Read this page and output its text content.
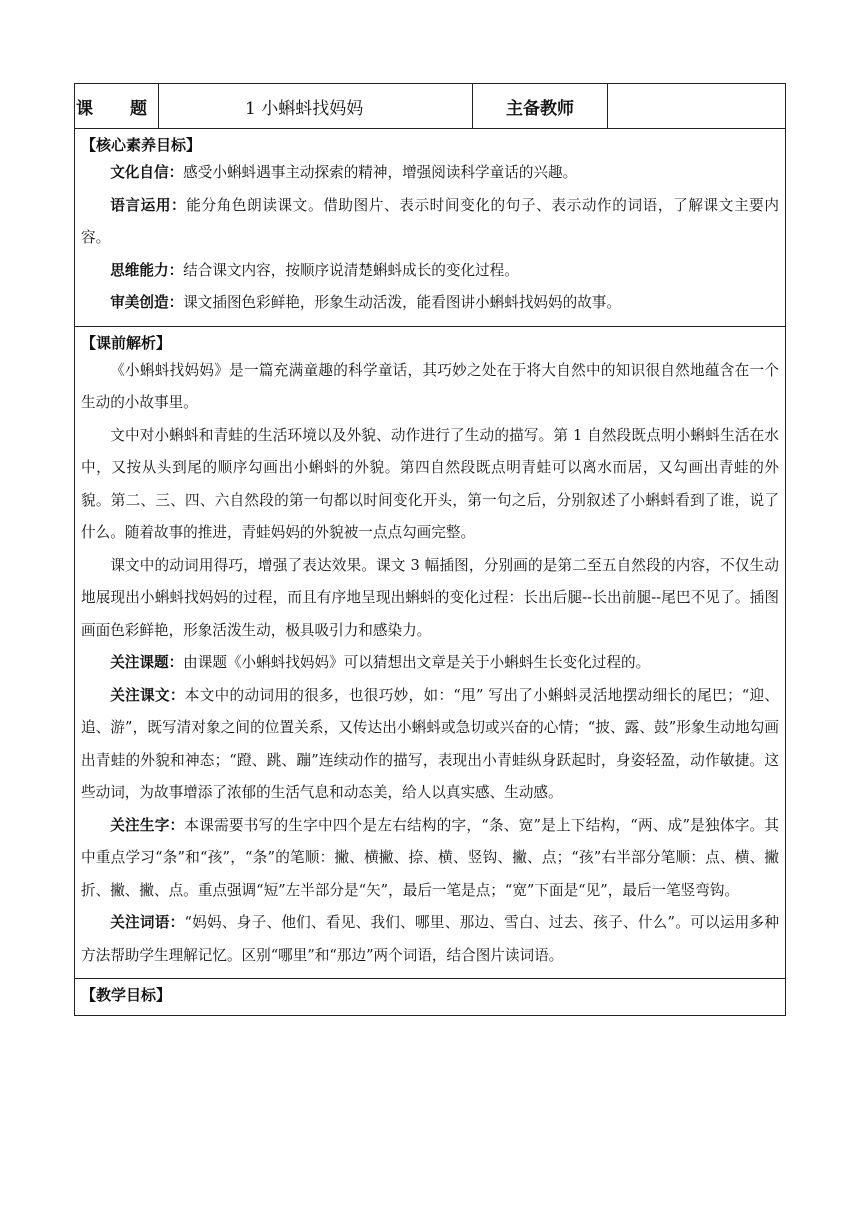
课　题	1 小蝌蚪找妈妈	主备教师
【核心素养目标】

文化自信：感受小蝌蚪遇事主动探索的精神，增强阅读科学童话的兴趣。

语言运用：能分角色朗读课文。借助图片、表示时间变化的句子、表示动作的词语，了解课文主要内容。

思维能力：结合课文内容，按顺序说清楚蝌蚪成长的变化过程。

审美创造：课文插图色彩鲜艳，形象生动活泼，能看图讲小蝌蚪找妈妈的故事。

【课前解析】

《小蝌蚪找妈妈》是一篇充满童趣的科学童话，其巧妙之处在于将大自然中的知识很自然地蕴含在一个生动的小故事里。

文中对小蝌蚪和青蛙的生活环境以及外貌、动作进行了生动的描写。第 1 自然段既点明小蝌蚪生活在水中，又按从头到尾的顺序勾画出小蝌蚪的外貌。第四自然段既点明青蛙可以离水而居，又勾画出青蛙的外貌。第二、三、四、六自然段的第一句都以时间变化开头，第一句之后，分别叙述了小蝌蚪看到了谁，说了什么。随着故事的推进，青蛙妈妈的外貌被一点点勾画完整。

课文中的动词用得巧，增强了表达效果。课文 3 幅插图，分别画的是第二至五自然段的内容，不仅生动地展现出小蝌蚪找妈妈的过程，而且有序地呈现出蝌蚪的变化过程：长出后腿--长出前腿--尾巴不见了。插图画面色彩鲜艳，形象活泼生动，极具吸引力和感染力。

关注课题：由课题《小蝌蚪找妈妈》可以猜想出文章是关于小蝌蚪生长变化过程的。

关注课文：本文中的动词用的很多，也很巧妙，如：“甩” 写出了小蝌蚪灵活地摆动细长的尾巴；“迎、追、游”，既写清对象之间的位置关系，又传达出小蝌蚪或急切或兴奋的心情；“披、露、鼓”形象生动地勾画出青蛙的外貌和神态；“蹬、跳、蹦”连续动作的描写，表现出小青蛙纵身跃起时，身姿轻盈，动作敏捷。这些动词，为故事增添了浓郁的生活气息和动态美，给人以真实感、生动感。

关注生字：本课需要书写的生字中四个是左右结构的字，“条、宽”是上下结构，“两、成”是独体字。其中重点学习“条”和“孩”，“条”的笔顺：撇、横撇、捺、横、竖钩、撇、点；“孩”右半部分笔顺：点、横、撇折、撇、撇、点。重点强调“短”左半部分是“矢”，最后一笔是点；“宽”下面是“见”，最后一笔竖弯钩。

关注词语：“妈妈、身子、他们、看见、我们、哪里、那边、雪白、过去、孩子、什么”。可以运用多种方法帮助学生理解记忆。区别“哪里”和“那边”两个词语，结合图片读词语。

【教学目标】
